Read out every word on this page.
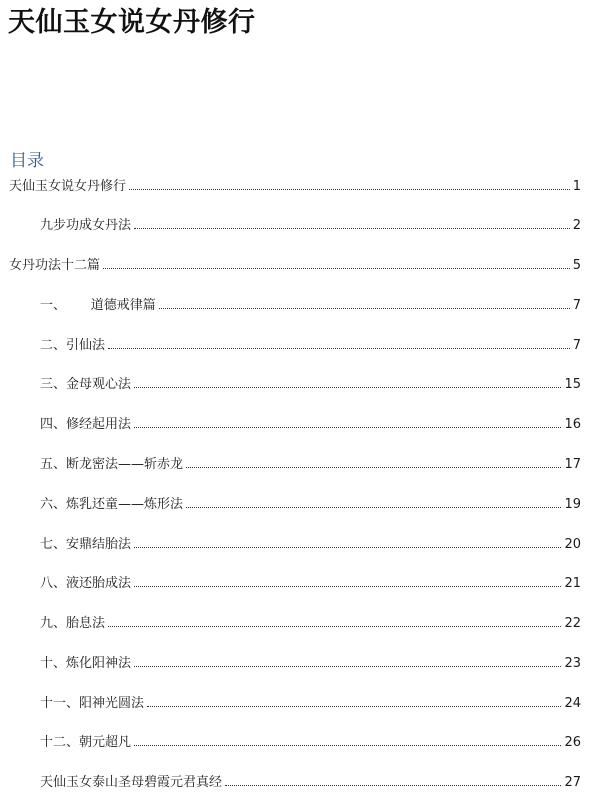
天仙玉女说女丹修行
目录
天仙玉女说女丹修行	1
九步功成女丹法	2
女丹功法十二篇	5
一、      道德戒律篇	7
二、引仙法	7
三、金母观心法	15
四、修经起用法	16
五、断龙密法——斩赤龙	17
六、炼乳还童——炼形法	19
七、安鼎结胎法	20
八、液还胎成法	21
九、胎息法	22
十、炼化阳神法	23
十一、阳神光圆法	24
十二、朝元超凡	26
天仙玉女泰山圣母碧霞元君真经	27
